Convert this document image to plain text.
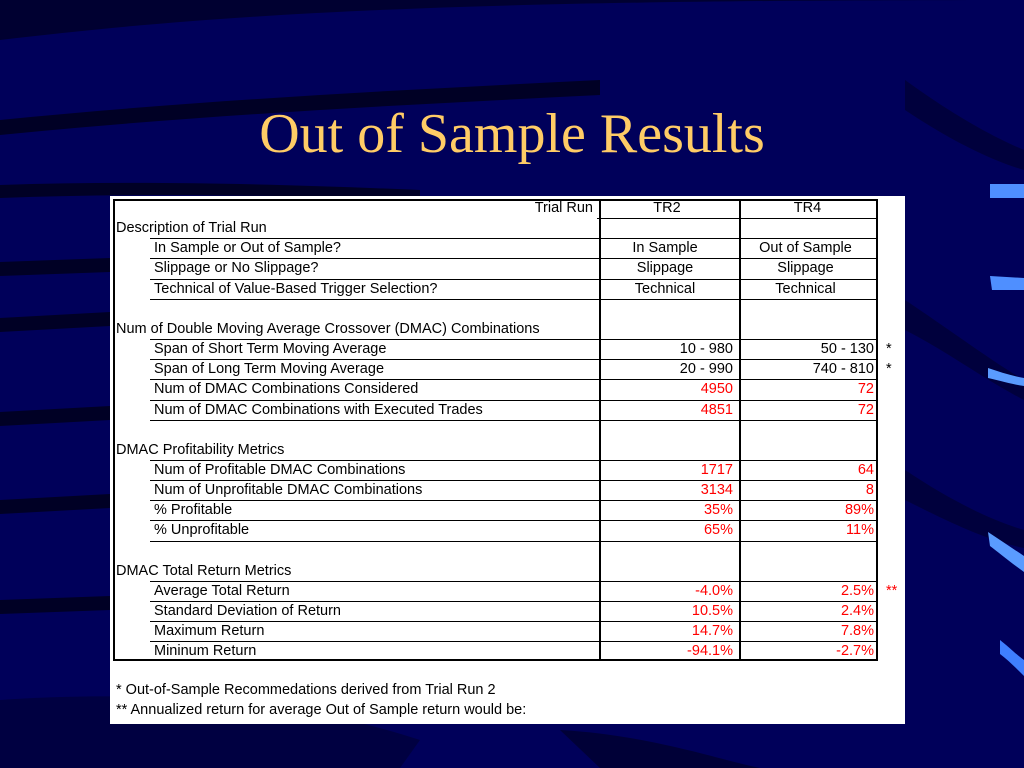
Out of Sample Results
Trial Run	TR2	TR4
Description of Trial Run
In Sample or Out of Sample?	In Sample	Out of Sample
Slippage or No Slippage?	Slippage	Slippage
Technical of Value-Based Trigger Selection?	Technical	Technical
Num of Double Moving Average Crossover (DMAC) Combinations
Span of Short Term Moving Average	10 - 980	50 - 130 *
Span of Long Term Moving Average	20 - 990	740 - 810 *
Num of DMAC Combinations Considered	4950	72
Num of DMAC Combinations with Executed Trades	4851	72
DMAC Profitability Metrics
Num of Profitable DMAC Combinations	1717	64
Num of Unprofitable DMAC Combinations	3134	8
% Profitable	35%	89%
% Unprofitable	65%	11%
DMAC Total Return Metrics
Average Total Return	-4.0%	2.5% **
Standard Deviation of Return	10.5%	2.4%
Maximum Return	14.7%	7.8%
Mininum Return	-94.1%	-2.7%
* Out-of-Sample Recommedations derived from Trial Run 2
** Annualized return for average Out of Sample return would be:
